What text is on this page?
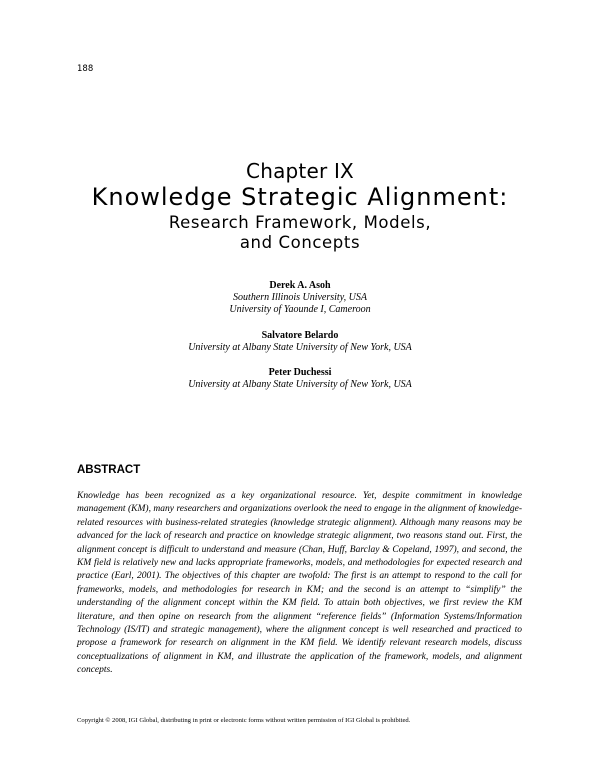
188
Chapter IX
Knowledge Strategic Alignment:
Research Framework, Models,
and Concepts
Derek A. Asoh
Southern Illinois University, USA
University of Yaounde I, Cameroon
Salvatore Belardo
University at Albany State University of New York, USA
Peter Duchessi
University at Albany State University of New York, USA
ABSTRACT

Knowledge has been recognized as a key organizational resource. Yet, despite commitment in knowledge management (KM), many researchers and organizations overlook the need to engage in the alignment of knowledge-related resources with business-related strategies (knowledge strategic alignment). Although many reasons may be advanced for the lack of research and practice on knowledge strategic alignment, two reasons stand out. First, the alignment concept is difficult to understand and measure (Chan, Huff, Barclay & Copeland, 1997), and second, the KM field is relatively new and lacks appropriate frameworks, models, and methodologies for expected research and practice (Earl, 2001). The objectives of this chapter are twofold: The first is an attempt to respond to the call for frameworks, models, and methodologies for research in KM; and the second is an attempt to “simplify” the understanding of the alignment concept within the KM field. To attain both objectives, we first review the KM literature, and then opine on research from the alignment “reference fields” (Information Systems/Information Technology (IS/IT) and strategic management), where the alignment concept is well researched and practiced to propose a framework for research on alignment in the KM field. We identify relevant research models, discuss conceptualizations of alignment in KM, and illustrate the application of the framework, models, and alignment concepts.

Copyright © 2008, IGI Global, distributing in print or electronic forms without written permission of IGI Global is prohibited.
